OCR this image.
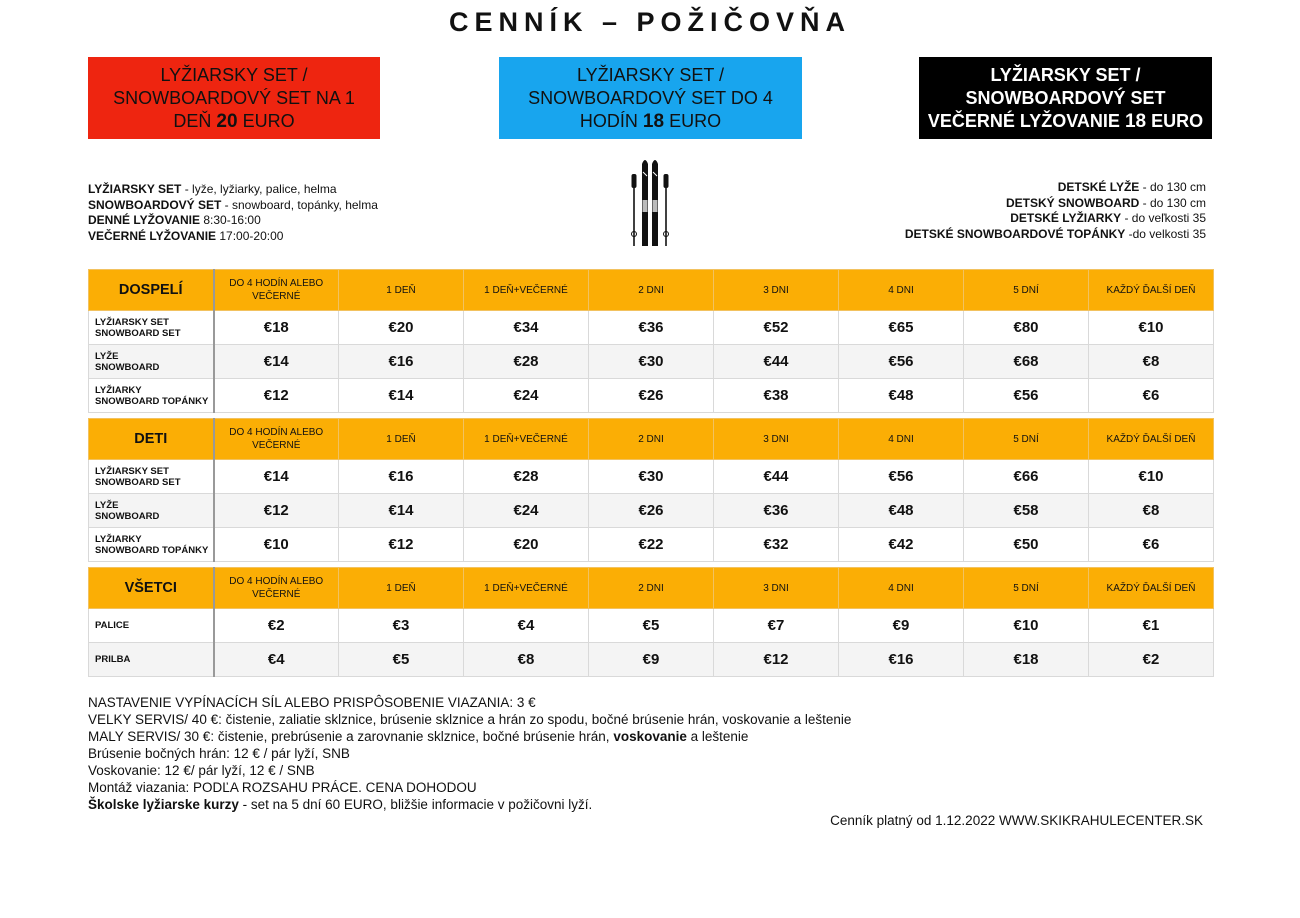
CENNÍK – POŽIČOVŇA
LYŽIARSKY SET /
SNOWBOARDOVÝ SET NA 1
DEŇ 20 EURO
LYŽIARSKY SET /
SNOWBOARDOVÝ SET DO 4
HODÍN 18 EURO
LYŽIARSKY SET /
SNOWBOARDOVÝ SET
VEČERNÉ LYŽOVANIE 18 EURO
LYŽIARSKY SET - lyže, lyžiarky, palice, helma
SNOWBOARDOVÝ SET - snowboard, topánky, helma
DENNÉ LYŽOVANIE 8:30-16:00
VEČERNÉ LYŽOVANIE 17:00-20:00
DETSKÉ LYŽE - do 130 cm
DETSKÝ SNOWBOARD - do 130 cm
DETSKÉ LYŽIARKY - do veľkosti 35
DETSKÉ SNOWBOARDOVÉ TOPÁNKY -do velkosti 35
DOSPELÍ	DO 4 HODÍN ALEBO VEČERNÉ	1 DEŇ	1 DEŇ+VEČERNÉ	2 DNI	3 DNI	4 DNI	5 DNÍ	KAŽDÝ ĎALŠÍ DEŇ
LYŽIARSKY SET
SNOWBOARD SET	€18	€20	€34	€36	€52	€65	€80	€10
LYŽE
SNOWBOARD	€14	€16	€28	€30	€44	€56	€68	€8
LYŽIARKY
SNOWBOARD TOPÁNKY	€12	€14	€24	€26	€38	€48	€56	€6
DETI	DO 4 HODÍN ALEBO VEČERNÉ	1 DEŇ	1 DEŇ+VEČERNÉ	2 DNI	3 DNI	4 DNI	5 DNÍ	KAŽDÝ ĎALŠÍ DEŇ
LYŽIARSKY SET
SNOWBOARD SET	€14	€16	€28	€30	€44	€56	€66	€10
LYŽE
SNOWBOARD	€12	€14	€24	€26	€36	€48	€58	€8
LYŽIARKY
SNOWBOARD TOPÁNKY	€10	€12	€20	€22	€32	€42	€50	€6
VŠETCI	DO 4 HODÍN ALEBO VEČERNÉ	1 DEŇ	1 DEŇ+VEČERNÉ	2 DNI	3 DNI	4 DNI	5 DNÍ	KAŽDÝ ĎALŠÍ DEŇ
PALICE	€2	€3	€4	€5	€7	€9	€10	€1
PRILBA	€4	€5	€8	€9	€12	€16	€18	€2
NASTAVENIE VYPÍNACÍCH SÍL ALEBO PRISPÔSOBENIE VIAZANIA: 3 €
VELKY SERVIS/ 40 €: čistenie, zaliatie sklznice, brúsenie sklznice a hrán zo spodu, bočné brúsenie hrán, voskovanie a leštenie
MALY SERVIS/ 30 €: čistenie, prebrúsenie a zarovnanie sklznice, bočné brúsenie hrán, voskovanie a leštenie
Brúsenie bočných hrán: 12 € / pár lyží, SNB
Voskovanie: 12 €/ pár lyží, 12 € / SNB
Montáž viazania: PODĽA ROZSAHU PRÁCE. CENA DOHODOU
Školske lyžiarske kurzy - set na 5 dní 60 EURO, bližšie informacie v požičovni lyží.
Cenník platný od 1.12.2022 WWW.SKIKRAHULECENTER.SK
